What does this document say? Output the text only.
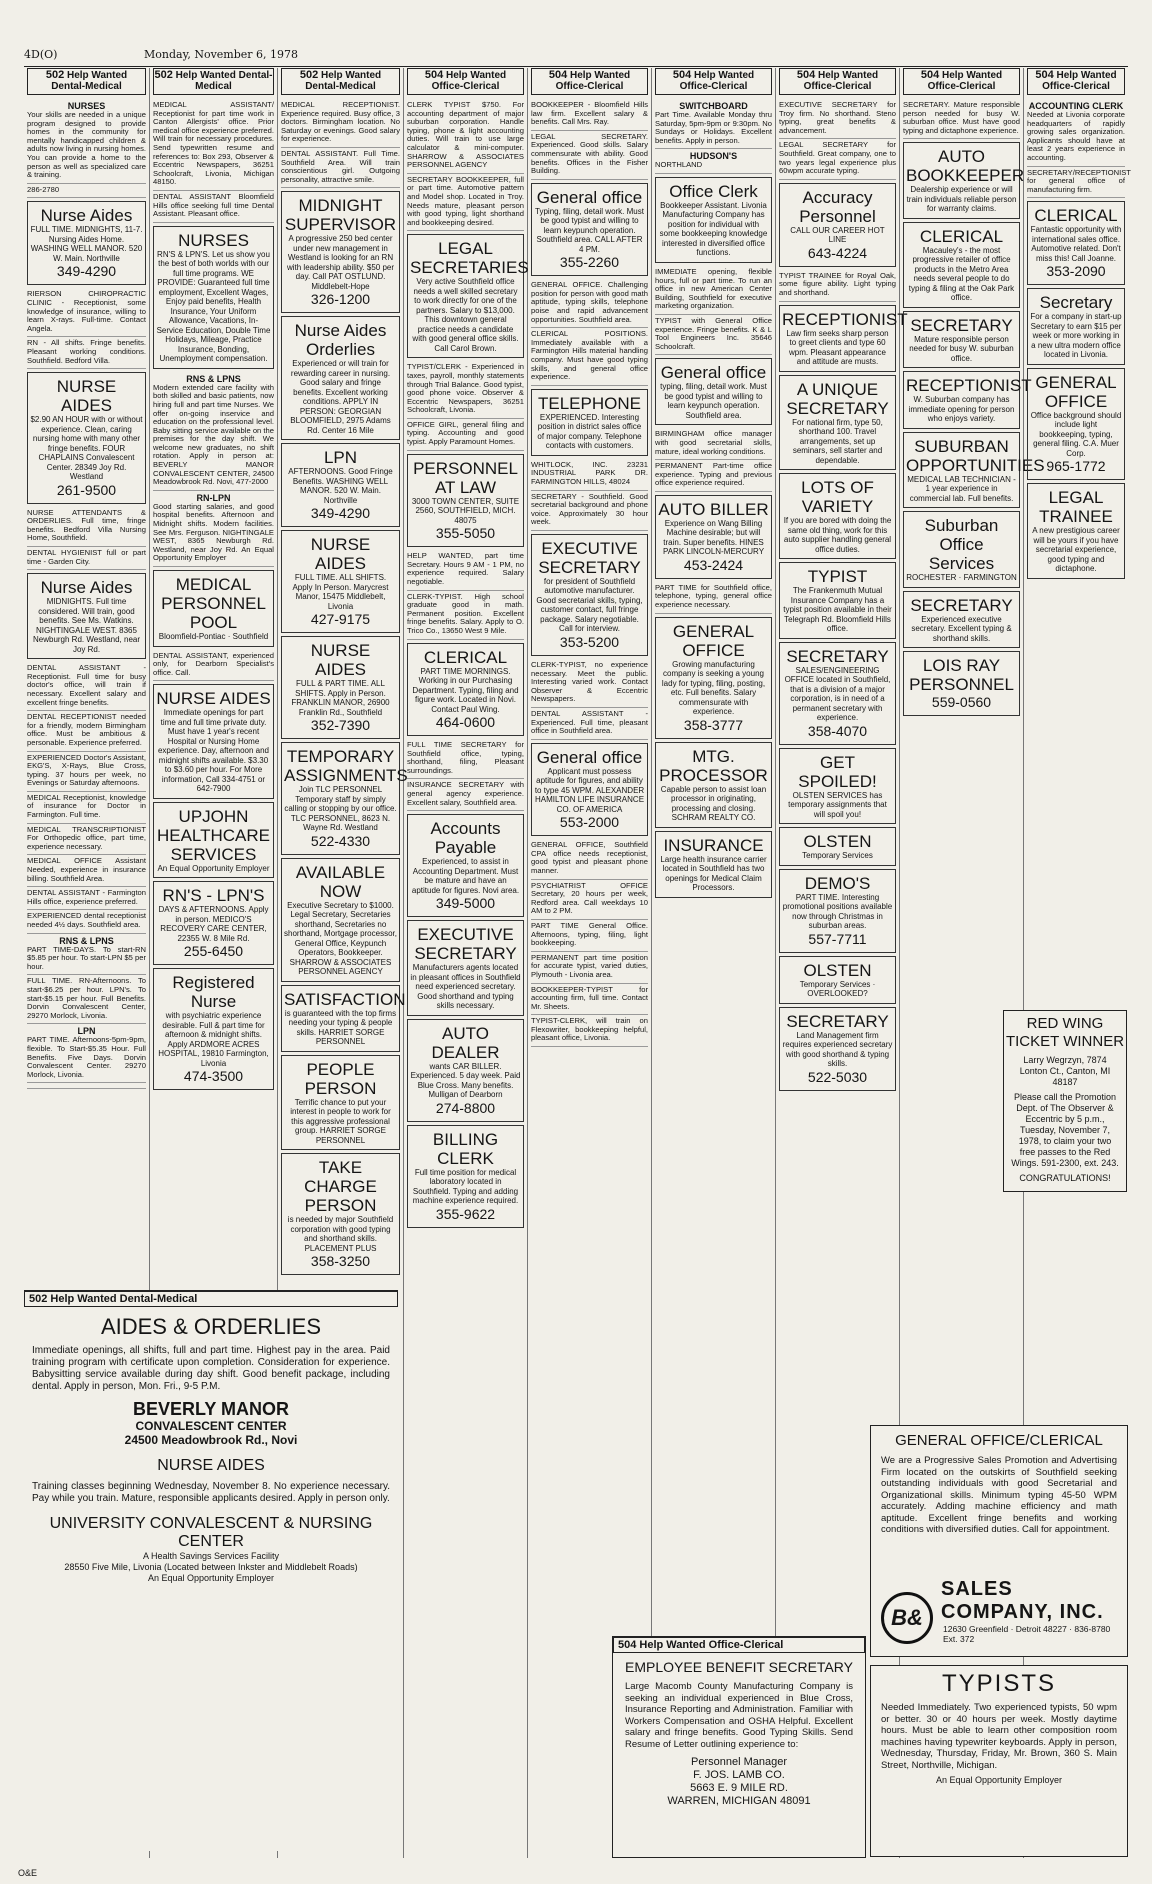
4D(O)	Monday, November 6, 1978
502 Help Wanted Dental-Medical
NURSES
Your skills are needed in a unique program designed to provide homes in the community for mentally handicapped children & adults now living in nursing homes. You can provide a home to the person as well as specialized care & training.
286-2780
Nurse Aides
FULL TIME. MIDNIGHTS, 11-7. Nursing Aides Home. WASHING WELL MANOR. 520 W. Main. Northville
349-4290
RIERSON CHIROPRACTIC CLINIC - Receptionist, some knowledge of insurance, willing to learn X-rays. Full-time. Contact Angela.
RN - All shifts. Fringe benefits. Pleasant working conditions. Southfield. Bedford Villa.
NURSE AIDES
$2.90 AN HOUR with or without experience. Clean, caring nursing home with many other fringe benefits. FOUR CHAPLAINS Convalescent Center. 28349 Joy Rd. Westland
261-9500
NURSE ATTENDANTS & ORDERLIES. Full time, fringe benefits. Bedford Villa Nursing Home, Southfield.
DENTAL HYGIENIST full or part time - Garden City.
Nurse Aides
MIDNIGHTS. Full time considered. Will train, good benefits. See Ms. Watkins. NIGHTINGALE WEST. 8365 Newburgh Rd. Westland, near Joy Rd.
DENTAL ASSISTANT - Receptionist. Full time for busy doctor's office, will train if necessary. Excellent salary and excellent fringe benefits.
DENTAL RECEPTIONIST needed for a friendly, modern Birmingham office. Must be ambitious & personable. Experience preferred.
EXPERIENCED Doctor's Assistant, EKG'S, X-Rays, Blue Cross, typing. 37 hours per week, no Evenings or Saturday afternoons.
MEDICAL Receptionist, knowledge of insurance for Doctor in Farmington. Full time.
MEDICAL TRANSCRIPTIONIST For Orthopedic office, part time, experience necessary.
MEDICAL OFFICE Assistant Needed, experience in insurance billing. Southfield Area.
DENTAL ASSISTANT - Farmington Hills office, experience preferred.
EXPERIENCED dental receptionist needed 4½ days. Southfield area.
RNS & LPNS
PART TIME-DAYS. To start-RN $5.85 per hour. To start-LPN $5 per hour.
FULL TIME. RN-Afternoons. To start-$6.25 per hour. LPN's. To start-$5.15 per hour. Full Benefits. Dorvin Convalescent Center, 29270 Morlock, Livonia.
LPN
PART TIME. Afternoons-5pm-9pm, flexible. To Start-$5.35 Hour. Full Benefits. Five Days. Dorvin Convalescent Center. 29270 Morlock, Livonia.
502 Help Wanted Dental-Medical
MEDICAL ASSISTANT/ Receptionist for part time work in Canton Allergists' office. Prior medical office experience preferred. Will train for necessary procedures. Send typewritten resume and references to: Box 293, Observer & Eccentric Newspapers, 36251 Schoolcraft, Livonia, Michigan 48150.
DENTAL ASSISTANT Bloomfield Hills office seeking full time Dental Assistant. Pleasant office.
NURSES
RN'S & LPN'S. Let us show you the best of both worlds with our full time programs. WE PROVIDE: Guaranteed full time employment, Excellent Wages, Enjoy paid benefits, Health Insurance, Your Uniform Allowance, Vacations, In-Service Education, Double Time Holidays, Mileage, Practice Insurance, Bonding, Unemployment compensation.
RNS & LPNS
Modern extended care facility with both skilled and basic patients, now hiring full and part time Nurses. We offer on-going inservice and education on the professional level. Baby sitting service available on the premises for the day shift. We welcome new graduates, no shift rotation. Apply in person at: BEVERLY MANOR CONVALESCENT CENTER, 24500 Meadowbrook Rd. Novi, 477-2000
RN-LPN
Good starting salaries, and good hospital benefits. Afternoon and Midnight shifts. Modern facilities. See Mrs. Ferguson. NIGHTINGALE WEST, 8365 Newburgh Rd. Westland, near Joy Rd. An Equal Opportunity Employer
MEDICAL PERSONNEL POOL
Bloomfield-Pontiac · Southfield
DENTAL ASSISTANT, experienced only, for Dearborn Specialist's office. Call.
NURSE AIDES
Immediate openings for part time and full time private duty. Must have 1 year's recent Hospital or Nursing Home experience. Day, afternoon and midnight shifts available. $3.30 to $3.60 per hour. For More information, Call 334-4751 or 642-7900
UPJOHN HEALTHCARE SERVICES
An Equal Opportunity Employer
RN'S - LPN'S
DAYS & AFTERNOONS. Apply in person. MEDICO'S RECOVERY CARE CENTER, 22355 W. 8 Mile Rd.
255-6450
Registered Nurse
with psychiatric experience desirable. Full & part time for afternoon & midnight shifts. Apply ARDMORE ACRES HOSPITAL, 19810 Farmington, Livonia
474-3500
502 Help Wanted Dental-Medical
MEDICAL RECEPTIONIST. Experience required. Busy office, 3 doctors. Birmingham location. No Saturday or evenings. Good salary for experience.
DENTAL ASSISTANT. Full Time. Southfield Area. Will train conscientious girl. Outgoing personality, attractive smile.
MIDNIGHT SUPERVISOR
A progressive 250 bed center under new management in Westland is looking for an RN with leadership ability. $50 per day. Call PAT OSTLUND. Middlebelt-Hope
326-1200
Nurse Aides Orderlies
Experienced or will train for rewarding career in nursing. Good salary and fringe benefits. Excellent working conditions. APPLY IN PERSON: GEORGIAN BLOOMFIELD, 2975 Adams Rd. Center 16 Mile
LPN
AFTERNOONS. Good Fringe Benefits. WASHING WELL MANOR. 520 W. Main. Northville
349-4290
NURSE AIDES
FULL TIME. ALL SHIFTS. Apply In Person. Marycrest Manor, 15475 Middlebelt, Livonia
427-9175
NURSE AIDES
FULL & PART TIME. ALL SHIFTS. Apply in Person. FRANKLIN MANOR, 26900 Franklin Rd., Southfield
352-7390
TEMPORARY ASSIGNMENTS
Join TLC PERSONNEL Temporary staff by simply calling or stopping by our office. TLC PERSONNEL, 8623 N. Wayne Rd. Westland
522-4330
AVAILABLE NOW
Executive Secretary to $1000. Legal Secretary, Secretaries shorthand, Secretaries no shorthand, Mortgage processor, General Office, Keypunch Operators, Bookkeeper. SHARROW & ASSOCIATES PERSONNEL AGENCY
SATISFACTION
is guaranteed with the top firms needing your typing & people skills. HARRIET SORGE PERSONNEL
PEOPLE PERSON
Terrific chance to put your interest in people to work for this aggressive professional group. HARRIET SORGE PERSONNEL
TAKE CHARGE PERSON
is needed by major Southfield corporation with good typing and shorthand skills. PLACEMENT PLUS
358-3250
504 Help Wanted Office-Clerical
CLERK TYPIST $750. For accounting department of major suburban corporation. Handle typing, phone & light accounting duties. Will train to use large calculator & mini-computer. SHARROW & ASSOCIATES PERSONNEL AGENCY
SECRETARY BOOKKEEPER, full or part time. Automotive pattern and Model shop. Located in Troy. Needs mature, pleasant person with good typing, light shorthand and bookkeeping desired.
LEGAL SECRETARIES
Very active Southfield office needs a well skilled secretary to work directly for one of the partners. Salary to $13,000. This downtown general practice needs a candidate with good general office skills. Call Carol Brown.
TYPIST/CLERK - Experienced in taxes, payroll, monthly statements through Trial Balance. Good typist, good phone voice. Observer & Eccentric Newspapers, 36251 Schoolcraft, Livonia.
OFFICE GIRL, general filing and typing. Accounting and good typist. Apply Paramount Homes.
PERSONNEL AT LAW
3000 TOWN CENTER, SUITE 2560, SOUTHFIELD, MICH. 48075
355-5050
HELP WANTED, part time Secretary. Hours 9 AM - 1 PM, no experience required. Salary negotiable.
CLERK-TYPIST. High school graduate good in math. Permanent position. Excellent fringe benefits. Salary. Apply to O. Trico Co., 13650 West 9 Mile.
CLERICAL
PART TIME MORNINGS. Working in our Purchasing Department. Typing, filing and figure work. Located in Novi. Contact Paul Wing.
464-0600
FULL TIME SECRETARY for Southfield office, typing, shorthand, filing, Pleasant surroundings.
INSURANCE SECRETARY with general agency experience. Excellent salary, Southfield area.
Accounts Payable
Experienced, to assist in Accounting Department. Must be mature and have an aptitude for figures. Novi area.
349-5000
EXECUTIVE SECRETARY
Manufacturers agents located in pleasant offices in Southfield need experienced secretary. Good shorthand and typing skills necessary.
AUTO DEALER
wants CAR BILLER. Experienced. 5 day week. Paid Blue Cross. Many benefits. Mulligan of Dearborn
274-8800
BILLING CLERK
Full time position for medical laboratory located in Southfield. Typing and adding machine experience required.
355-9622
504 Help Wanted Office-Clerical
BOOKKEEPER - Bloomfield Hills law firm. Excellent salary & benefits. Call Mrs. Ray.
LEGAL SECRETARY. Experienced. Good skills. Salary commensurate with ability. Good benefits. Offices in the Fisher Building.
General office
Typing, filing, detail work. Must be good typist and willing to learn keypunch operation. Southfield area. CALL AFTER 4 PM.
355-2260
GENERAL OFFICE. Challenging position for person with good math aptitude, typing skills, telephone poise and rapid advancement opportunities. Southfield area.
CLERICAL POSITIONS. Immediately available with a Farmington Hills material handling company. Must have good typing skills, and general office experience.
TELEPHONE
EXPERIENCED. Interesting position in district sales office of major company. Telephone contacts with customers.
WHITLOCK, INC. 23231 INDUSTRIAL PARK DR. FARMINGTON HILLS, 48024
SECRETARY - Southfield. Good secretarial background and phone voice. Approximately 30 hour week.
EXECUTIVE SECRETARY
for president of Southfield automotive manufacturer. Good secretarial skills, typing, customer contact, full fringe package. Salary negotiable. Call for interview.
353-5200
CLERK-TYPIST, no experience necessary. Meet the public. Interesting varied work. Contact Observer & Eccentric Newspapers.
DENTAL ASSISTANT - Experienced. Full time, pleasant office in Southfield area.
General office
Applicant must possess aptitude for figures, and ability to type 45 WPM. ALEXANDER HAMILTON LIFE INSURANCE CO. OF AMERICA
553-2000
GENERAL OFFICE, Southfield CPA office needs receptionist, good typist and pleasant phone manner.
PSYCHIATRIST OFFICE Secretary, 20 hours per week, Redford area. Call weekdays 10 AM to 2 PM.
PART TIME General Office. Afternoons, typing, filing, light bookkeeping.
PERMANENT part time position for accurate typist, varied duties, Plymouth - Livonia area.
BOOKKEEPER-TYPIST for accounting firm, full time. Contact Mr. Sheets.
TYPIST-CLERK, will train on Flexowriter, bookkeeping helpful, pleasant office, Livonia.
504 Help Wanted Office-Clerical
SWITCHBOARD
Part Time. Available Monday thru Saturday, 5pm-9pm or 9:30pm. No Sundays or Holidays. Excellent benefits. Apply in person.
HUDSON'S
NORTHLAND
Office Clerk
Bookkeeper Assistant. Livonia Manufacturing Company has position for individual with some bookkeeping knowledge interested in diversified office functions.
IMMEDIATE opening, flexible hours, full or part time. To run an office in new American Center Building, Southfield for executive marketing organization.
TYPIST with General Office experience. Fringe benefits. K & L Tool Engineers Inc. 35646 Schoolcraft.
General office
typing, filing, detail work. Must be good typist and willing to learn keypunch operation. Southfield area.
BIRMINGHAM office manager with good secretarial skills, mature, ideal working conditions.
PERMANENT Part-time office experience. Typing and previous office experience required.
AUTO BILLER
Experience on Wang Billing Machine desirable; but will train. Super benefits. HINES PARK LINCOLN-MERCURY
453-2424
PART TIME for Southfield office, telephone, typing, general office experience necessary.
GENERAL OFFICE
Growing manufacturing company is seeking a young lady for typing, filing, posting, etc. Full benefits. Salary commensurate with experience.
358-3777
MTG. PROCESSOR
Capable person to assist loan processor in originating, processing and closing. SCHRAM REALTY CO.
INSURANCE
Large health insurance carrier located in Southfield has two openings for Medical Claim Processors.
504 Help Wanted Office-Clerical
EXECUTIVE SECRETARY for Troy firm. No shorthand. Steno typing, great benefits & advancement.
LEGAL SECRETARY for Southfield. Great company, one to two years legal experience plus 60wpm accurate typing.
Accuracy Personnel
CALL OUR CAREER HOT LINE
643-4224
TYPIST TRAINEE for Royal Oak, some figure ability. Light typing and shorthand.
RECEPTIONIST
Law firm seeks sharp person to greet clients and type 60 wpm. Pleasant appearance and attitude are musts.
A UNIQUE SECRETARY
For national firm, type 50, shorthand 100. Travel arrangements, set up seminars, sell starter and dependable.
LOTS OF VARIETY
If you are bored with doing the same old thing, work for this auto supplier handling general office duties.
TYPIST
The Frankenmuth Mutual Insurance Company has a typist position available in their Telegraph Rd. Bloomfield Hills office.
SECRETARY
SALES/ENGINEERING OFFICE located in Southfield, that is a division of a major corporation, is in need of a permanent secretary with experience.
358-4070
GET SPOILED!
OLSTEN SERVICES has temporary assignments that will spoil you!
OLSTEN
Temporary Services
DEMO'S
PART TIME. Interesting promotional positions available now through Christmas in suburban areas.
557-7711
OLSTEN
Temporary Services · OVERLOOKED?
SECRETARY
Land Management firm requires experienced secretary with good shorthand & typing skills.
522-5030
504 Help Wanted Office-Clerical
SECRETARY. Mature responsible person needed for busy W. suburban office. Must have good typing and dictaphone experience.
AUTO BOOKKEEPER
Dealership experience or will train individuals reliable person for warranty claims.
CLERICAL
Macauley's - the most progressive retailer of office products in the Metro Area needs several people to do typing & filing at the Oak Park office.
SECRETARY
Mature responsible person needed for busy W. suburban office.
RECEPTIONIST
W. Suburban company has immediate opening for person who enjoys variety.
SUBURBAN OPPORTUNITIES
MEDICAL LAB TECHNICIAN - 1 year experience in commercial lab. Full benefits.
Suburban Office Services
ROCHESTER · FARMINGTON
SECRETARY
Experienced executive secretary. Excellent typing & shorthand skills.
LOIS RAY PERSONNEL
559-0560
504 Help Wanted Office-Clerical
ACCOUNTING CLERK
Needed at Livonia corporate headquarters of rapidly growing sales organization. Applicants should have at least 2 years experience in accounting.
SECRETARY/RECEPTIONIST for general office of manufacturing firm.
CLERICAL
Fantastic opportunity with international sales office. Automotive related. Don't miss this! Call Joanne.
353-2090
Secretary
For a company in start-up Secretary to earn $15 per week or more working in a new ultra modern office located in Livonia.
GENERAL OFFICE
Office background should include light bookkeeping, typing, general filing. C.A. Muer Corp.
965-1772
LEGAL TRAINEE
A new prestigious career will be yours if you have secretarial experience, good typing and dictaphone.
502 Help Wanted Dental-Medical
AIDES & ORDERLIES

Immediate openings, all shifts, full and part time. Highest pay in the area. Paid training program with certificate upon completion. Consideration for experience. Babysitting service available during day shift. Good benefit package, including dental. Apply in person, Mon. Fri., 9-5 P.M.

BEVERLY MANOR
CONVALESCENT CENTER
24500 Meadowbrook Rd., Novi
NURSE AIDES

Training classes beginning Wednesday, November 8. No experience necessary. Pay while you train. Mature, responsible applicants desired. Apply in person only.

UNIVERSITY CONVALESCENT & NURSING CENTER
A Health Savings Services Facility
28550 Five Mile, Livonia (Located between Inkster and Middlebelt Roads)
An Equal Opportunity Employer
RED WING TICKET WINNER

Larry Wegrzyn, 7874 Lonton Ct., Canton, MI 48187

Please call the Promotion Dept. of The Observer & Eccentric by 5 p.m., Tuesday, November 7, 1978, to claim your two free passes to the Red Wings. 591-2300, ext. 243.

CONGRATULATIONS!

GENERAL OFFICE/CLERICAL

We are a Progressive Sales Promotion and Advertising Firm located on the outskirts of Southfield seeking outstanding individuals with good Secretarial and Organizational skills. Minimum typing 45-50 WPM accurately. Adding machine efficiency and math aptitude. Excellent fringe benefits and working conditions with diversified duties. Call for appointment.

B&
SALES COMPANY, INC.
12630 Greenfield · Detroit 48227 · 836-8780 Ext. 372
TYPISTS

Needed Immediately. Two experienced typists, 50 wpm or better. 30 or 40 hours per week. Mostly daytime hours. Must be able to learn other composition room machines having typewriter keyboards. Apply in person, Wednesday, Thursday, Friday, Mr. Brown, 360 S. Main Street, Northville, Michigan.

An Equal Opportunity Employer
504 Help Wanted Office-Clerical
EMPLOYEE BENEFIT SECRETARY

Large Macomb County Manufacturing Company is seeking an individual experienced in Blue Cross, Insurance Reporting and Administration. Familiar with Workers Compensation and OSHA Helpful. Excellent salary and fringe benefits. Good Typing Skills. Send Resume of Letter outlining experience to:

Personnel Manager
F. JOS. LAMB CO.
5663 E. 9 MILE RD.
WARREN, MICHIGAN 48091
O&E
